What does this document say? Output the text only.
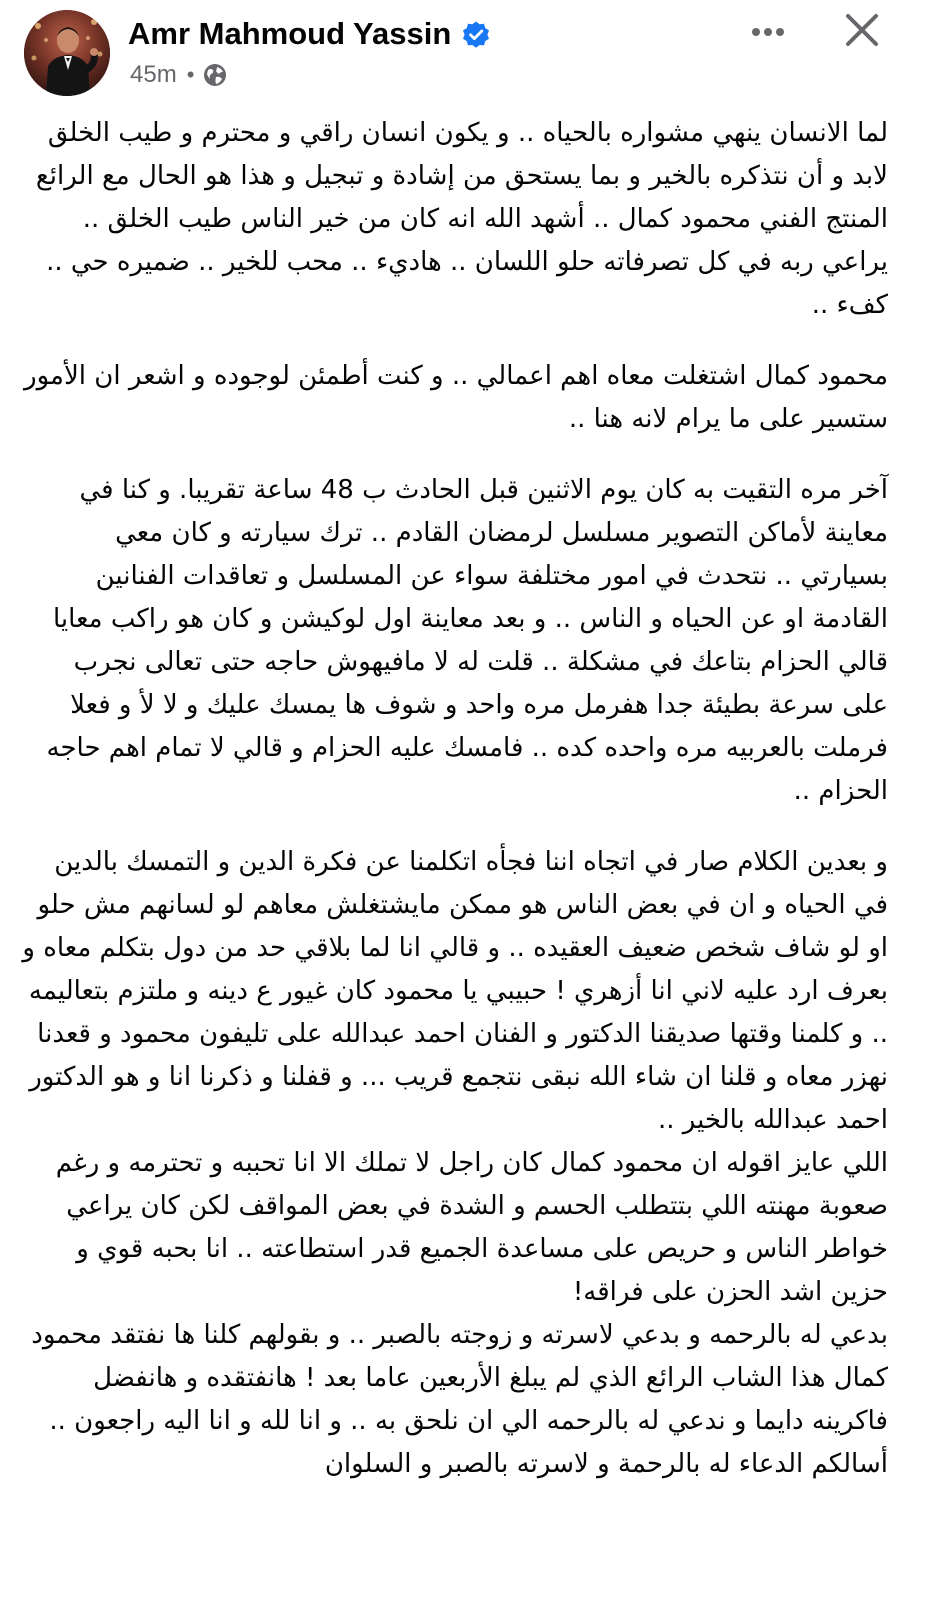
Amr Mahmoud Yassin
45m •

لما الانسان ينهي مشواره بالحياه .. و يكون انسان راقي و محترم و طيب الخلق لابد و أن نتذكره بالخير و بما يستحق من إشادة و تبجيل و هذا هو الحال مع الرائع المنتج الفني محمود كمال .. أشهد الله انه كان من خير الناس طيب الخلق .. يراعي ربه في كل تصرفاته حلو اللسان .. هاديء .. محب للخير .. ضميره حي .. كفء ..

محمود كمال اشتغلت معاه اهم اعمالي .. و كنت أطمئن لوجوده و اشعر ان الأمور ستسير على ما يرام لانه هنا ..

آخر مره التقيت به كان يوم الاثنين قبل الحادث ب 48 ساعة تقريبا. و كنا في معاينة لأماكن التصوير مسلسل لرمضان القادم .. ترك سيارته و كان معي بسيارتي .. نتحدث في امور مختلفة سواء عن المسلسل و تعاقدات الفنانين القادمة او عن الحياه و الناس .. و بعد معاينة اول لوكيشن و كان هو راكب معايا قالي الحزام بتاعك في مشكلة .. قلت له لا مافيهوش حاجه حتى تعالى نجرب على سرعة بطيئة جدا هفرمل مره واحد و شوف ها يمسك عليك و لا لأ و فعلا فرملت بالعربيه مره واحده كده .. فامسك عليه الحزام و قالي لا تمام اهم حاجه الحزام ..

و بعدين الكلام صار في اتجاه اننا فجأه اتكلمنا عن فكرة الدين و التمسك بالدين في الحياه و ان في بعض الناس هو ممكن مايشتغلش معاهم لو لسانهم مش حلو او لو شاف شخص ضعيف العقيده .. و قالي انا لما بلاقي حد من دول بتكلم معاه و بعرف ارد عليه لاني انا أزهري ! حبيبي يا محمود كان غيور ع دينه و ملتزم بتعاليمه .. و كلمنا وقتها صديقنا الدكتور و الفنان احمد عبدالله على تليفون محمود و قعدنا نهزر معاه و قلنا ان شاء الله نبقى نتجمع قريب ... و قفلنا و ذكرنا انا و هو الدكتور احمد عبدالله بالخير ..

اللي عايز اقوله ان محمود كمال كان راجل لا تملك الا انا تحببه و تحترمه و رغم صعوبة مهنته اللي بتتطلب الحسم و الشدة في بعض المواقف لكن كان يراعي خواطر الناس و حريص على مساعدة الجميع قدر استطاعته .. انا بحبه قوي و حزين اشد الحزن على فراقه!

بدعي له بالرحمه و بدعي لاسرته و زوجته بالصبر .. و بقولهم كلنا ها نفتقد محمود كمال هذا الشاب الرائع الذي لم يبلغ الأربعين عاما بعد ! هانفتقده و هانفضل فاكرينه دايما و ندعي له بالرحمه الي ان نلحق به .. و انا لله و انا اليه راجعون .. أسالكم الدعاء له بالرحمة و لاسرته بالصبر و السلوان
